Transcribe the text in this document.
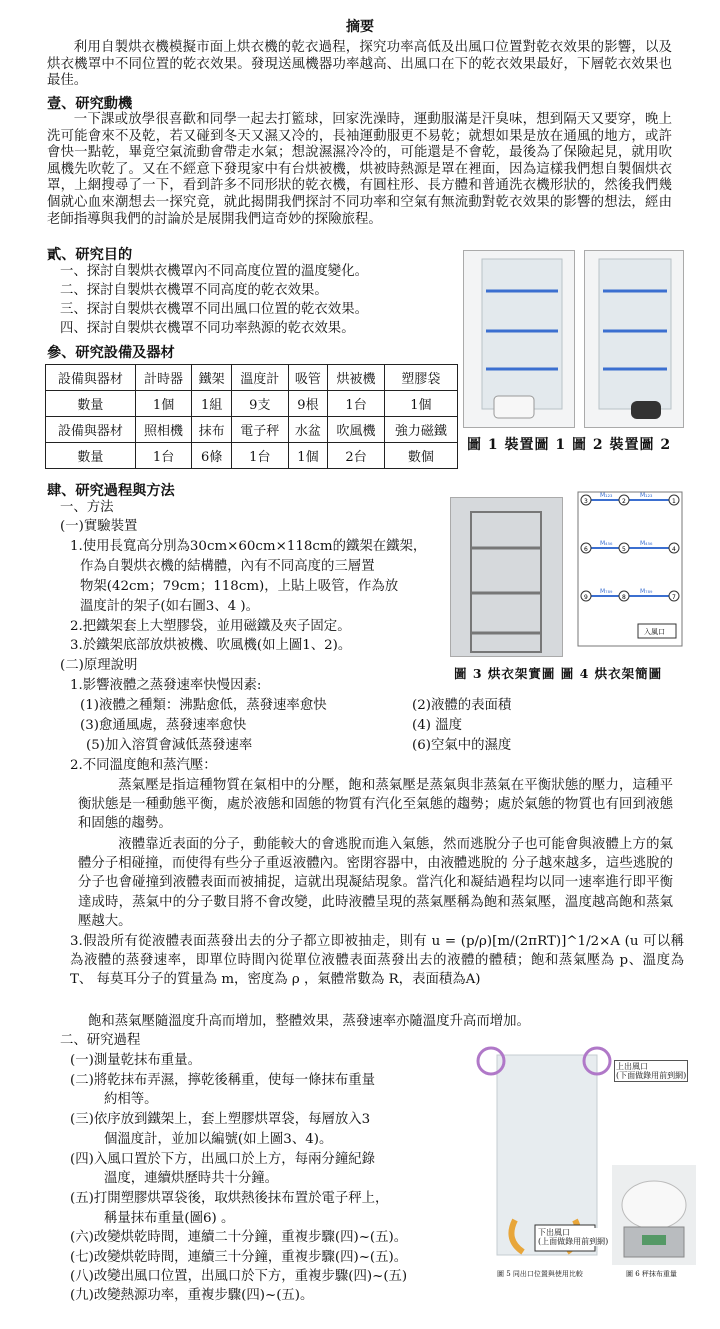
摘要
利用自製烘衣機模擬市面上烘衣機的乾衣過程，探究功率高低及出風口位置對乾衣效果的影響，以及烘衣機罩中不同位置的乾衣效果。發現送風機器功率越高、出風口在下的乾衣效果最好，下層乾衣效果也最佳。
壹、研究動機
一下課或放學很喜歡和同學一起去打籃球，回家洗澡時，運動服滿是汗臭味，想到隔天又要穿，晚上洗可能會來不及乾，若又碰到冬天又濕又冷的，長袖運動服更不易乾；就想如果是放在通風的地方，或許會快一點乾，畢竟空氣流動會帶走水氣；想說濕濕冷冷的，可能還是不會乾，最後為了保險起見，就用吹風機先吹乾了。又在不經意下發現家中有台烘被機，烘被時熱源是罩在裡面，因為這樣我們想自製個烘衣罩，上網搜尋了一下，看到許多不同形狀的乾衣機，有圓柱形、長方體和普通洗衣機形狀的，然後我們幾個就心血來潮想去一探究竟，就此揭開我們探討不同功率和空氣有無流動對乾衣效果的影響的想法，經由老師指導與我們的討論於是展開我們這奇妙的探險旅程。
貳、研究目的
一、探討自製烘衣機罩內不同高度位置的溫度變化。
二、探討自製烘衣機罩不同高度的乾衣效果。
三、探討自製烘衣機罩不同出風口位置的乾衣效果。
四、探討自製烘衣機罩不同功率熱源的乾衣效果。
參、研究設備及器材
設備與器材	計時器	鐵架	溫度計	吸管	烘被機	塑膠袋
數量	1個	1組	9支	9根	1台	1個
設備與器材	照相機	抹布	電子秤	水盆	吹風機	強力磁鐵
數量	1台	6條	1台	1個	2台	數個
圖 1 裝置圖 1 圖 2 裝置圖 2
肆、研究過程與方法
一、方法
(一)實驗裝置
1.使用長寬高分別為30cm×60cm×118cm的鐵架在鐵架，
作為自製烘衣機的結構體，內有不同高度的三層置
物架(42cm；79cm；118cm)，上貼上吸管，作為放
溫度計的架子(如右圖3、4 )。
2.把鐵架套上大塑膠袋，並用磁鐵及夾子固定。
3.於鐵架底部放烘被機、吹風機(如上圖1、2)。
(二)原理說明
1.影響液體之蒸發速率快慢因素:
(1)液體之種類：沸點愈低，蒸發速率愈快	(2)液體的表面積
(3)愈通風處，蒸發速率愈快	(4) 溫度
(5)加入溶質會減低蒸發速率	(6)空氣中的濕度
3	2	1
6	5	4
9	8	7
M₁₂₃	M₁₂₃
M₄₅₆	M₄₅₆
M₇₈₉	M₇₈₉
入風口
圖 3 烘衣架實圖 圖 4 烘衣架簡圖
2.不同溫度飽和蒸汽壓：
蒸氣壓是指這種物質在氣相中的分壓，飽和蒸氣壓是蒸氣與非蒸氣在平衡狀態的壓力，這種平衡狀態是一種動態平衡，處於液態和固態的物質有汽化至氣態的趨勢；處於氣態的物質也有回到液態和固態的趨勢。
液體靠近表面的分子，動能較大的會逃脫而進入氣態，然而逃脫分子也可能會與液體上方的氣體分子相碰撞，而使得有些分子重返液體內。密閉容器中，由液體逃脫的 分子越來越多，這些逃脫的分子也會碰撞到液體表面而被捕捉，這就出現凝結現象。當汽化和凝結過程均以同一速率進行即平衡達成時，蒸氣中的分子數目將不會改變，此時液體呈現的蒸氣壓稱為飽和蒸氣壓，溫度越高飽和蒸氣壓越大。
3.假設所有從液體表面蒸發出去的分子都立即被抽走，則有 u = (p/ρ)[m/(2πRT)]^1/2×A (u 可以稱為液體的蒸發速率，即單位時間內從單位液體表面蒸發出去的液體的體積；飽和蒸氣壓為 p、溫度為 T、 每莫耳分子的質量為 m，密度為 ρ ，氣體常數為 R，表面積為A)
飽和蒸氣壓隨溫度升高而增加，整體效果，蒸發速率亦隨溫度升高而增加。
二、研究過程
(一)測量乾抹布重量。
(二)將乾抹布弄濕，擰乾後稱重，使每一條抹布重量
約相等。
(三)依序放到鐵架上，套上塑膠烘罩袋，每層放入3
個溫度計，並加以編號(如上圖3、4)。
(四)入風口置於下方，出風口於上方，每兩分鐘紀錄
溫度，連續烘歷時共十分鐘。
(五)打開塑膠烘罩袋後，取烘熱後抹布置於電子秤上，
稱量抹布重量(圖6) 。
(六)改變烘乾時間，連續二十分鐘，重複步驟(四)~(五)。
(七)改變烘乾時間，連續三十分鐘，重複步驟(四)~(五)。
(八)改變出風口位置，出風口於下方，重複步驟(四)~(五)
(九)改變熱源功率，重複步驟(四)~(五)。
上出風口
(下面做錄用前到網)
下出風口
(上面做錄用前到網)
圖 5 同出口位置與使用比較	圖 6 秤抹布重量
